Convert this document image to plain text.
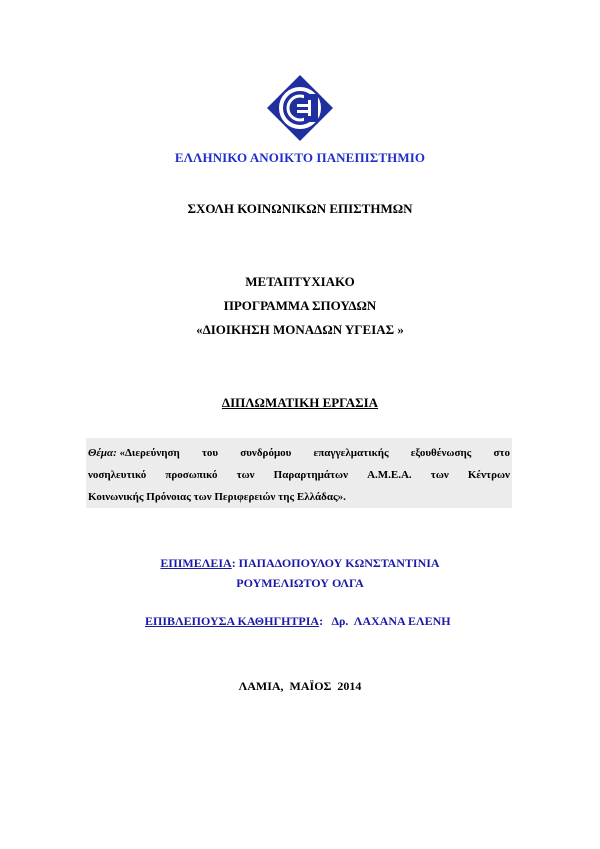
ΕΛΛΗΝΙΚΟ ΑΝΟΙΚΤΟ ΠΑΝΕΠΙΣΤΗΜΙΟ
ΣΧΟΛΗ ΚΟΙΝΩΝΙΚΩΝ ΕΠΙΣΤΗΜΩΝ
ΜΕΤΑΠΤΥΧΙΑΚΟ
ΠΡΟΓΡΑΜΜΑ ΣΠΟΥΔΩΝ
«ΔΙΟΙΚΗΣΗ ΜΟΝΑΔΩΝ ΥΓΕΙΑΣ »
ΔΙΠΛΩΜΑΤΙΚΗ ΕΡΓΑΣΙΑ
Θέμα: «Διερεύνηση του συνδρόμου επαγγελματικής εξουθένωσης στο
νοσηλευτικό προσωπικό των Παραρτημάτων Α.Μ.Ε.Α. των Κέντρων
Κοινωνικής Πρόνοιας των Περιφερειών της Ελλάδας».
ΕΠΙΜΕΛΕΙΑ: ΠΑΠΑΔΟΠΟΥΛΟΥ ΚΩΝΣΤΑΝΤΙΝΙΑ
ΡΟΥΜΕΛΙΩΤΟΥ ΟΛΓΑ
ΕΠΙΒΛΕΠΟΥΣΑ ΚΑΘΗΓΗΤΡΙΑ:   Δρ.  ΛΑΧΑΝΑ ΕΛΕΝΗ
ΛΑΜΙΑ,  ΜΑΪΟΣ  2014
